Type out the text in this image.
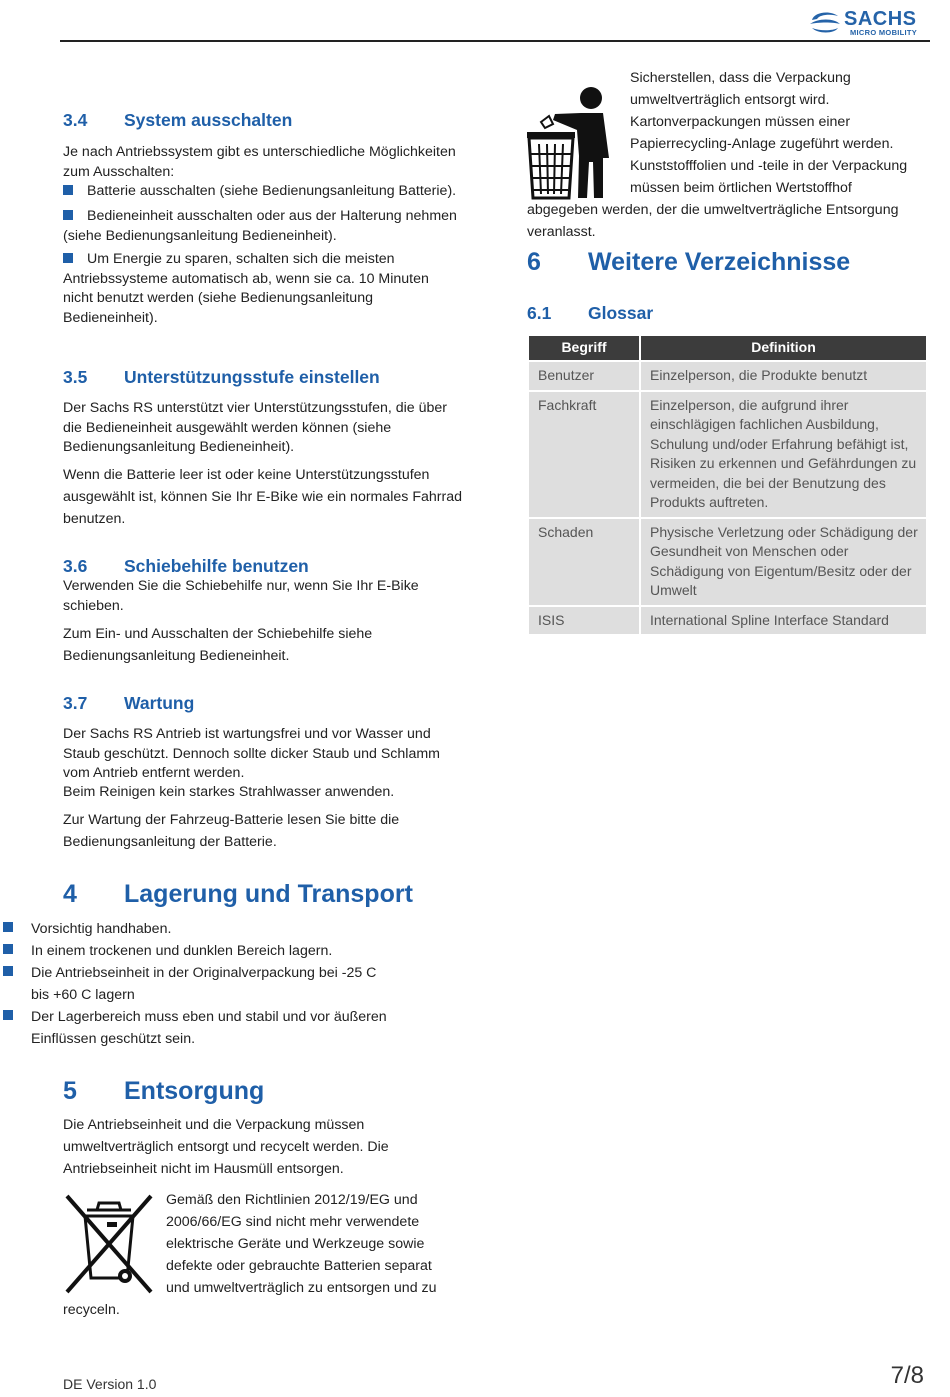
SACHS
MICRO MOBILITY
3.4 System ausschalten

Je nach Antriebssystem gibt es unterschiedliche Möglichkeiten zum Ausschalten:

Batterie ausschalten (siehe Bedienungsanleitung Batterie).
Bedieneinheit ausschalten oder aus der Halterung nehmen (siehe Bedienungsanleitung Bedieneinheit).
Um Energie zu sparen, schalten sich die meisten Antriebssysteme automatisch ab, wenn sie ca. 10 Minuten nicht benutzt werden (siehe Bedienungsanleitung Bedieneinheit).
3.5 Unterstützungsstufe einstellen

Der Sachs RS unterstützt vier Unterstützungsstufen, die über die Bedieneinheit ausgewählt werden können (siehe Bedienungsanleitung Bedieneinheit).

Wenn die Batterie leer ist oder keine Unterstützungsstufen ausgewählt ist, können Sie Ihr E-Bike wie ein normales Fahrrad benutzen.

3.6 Schiebehilfe benutzen

Verwenden Sie die Schiebehilfe nur, wenn Sie Ihr E-Bike schieben.

Zum Ein- und Ausschalten der Schiebehilfe siehe Bedienungsanleitung Bedieneinheit.

3.7 Wartung

Der Sachs RS Antrieb ist wartungsfrei und vor Wasser und Staub geschützt. Dennoch sollte dicker Staub und Schlamm vom Antrieb entfernt werden.

Beim Reinigen kein starkes Strahlwasser anwenden.

Zur Wartung der Fahrzeug-Batterie lesen Sie bitte die Bedienungsanleitung der Batterie.

4 Lagerung und Transport
Vorsichtig handhaben.
In einem trockenen und dunklen Bereich lagern.
Die Antriebseinheit in der Originalverpackung bei -25 C bis +60 C lagern
Der Lagerbereich muss eben und stabil und vor äußeren Einflüssen geschützt sein.
5 Entsorgung

Die Antriebseinheit und die Verpackung müssen umweltverträglich entsorgt und recycelt werden. Die Antriebseinheit nicht im Hausmüll entsorgen.

Gemäß den Richtlinien 2012/19/EG und 2006/66/EG sind nicht mehr verwendete elektrische Geräte und Werkzeuge sowie defekte oder gebrauchte Batterien separat und umweltverträglich zu entsorgen und zu recyceln.
Sicherstellen, dass die Verpackung umweltverträglich entsorgt wird. Kartonverpackungen müssen einer Papierrecycling-Anlage zugeführt werden. Kunststofffolien und -teile in der Verpackung müssen beim örtlichen Wertstoffhof abgegeben werden, der die umweltverträgliche Entsorgung veranlasst.
6 Weitere Verzeichnisse
6.1 Glossar
Begriff	Definition
Benutzer	Einzelperson, die Produkte benutzt
Fachkraft	Einzelperson, die aufgrund ihrer einschlägigen fachlichen Ausbildung, Schulung und/oder Erfahrung befähigt ist, Risiken zu erkennen und Gefährdungen zu vermeiden, die bei der Benutzung des Produkts auftreten.
Schaden	Physische Verletzung oder Schädigung der Gesundheit von Menschen oder Schädigung von Eigentum/Besitz oder der Umwelt
ISIS	International Spline Interface Standard
DE Version 1.0	7/8
